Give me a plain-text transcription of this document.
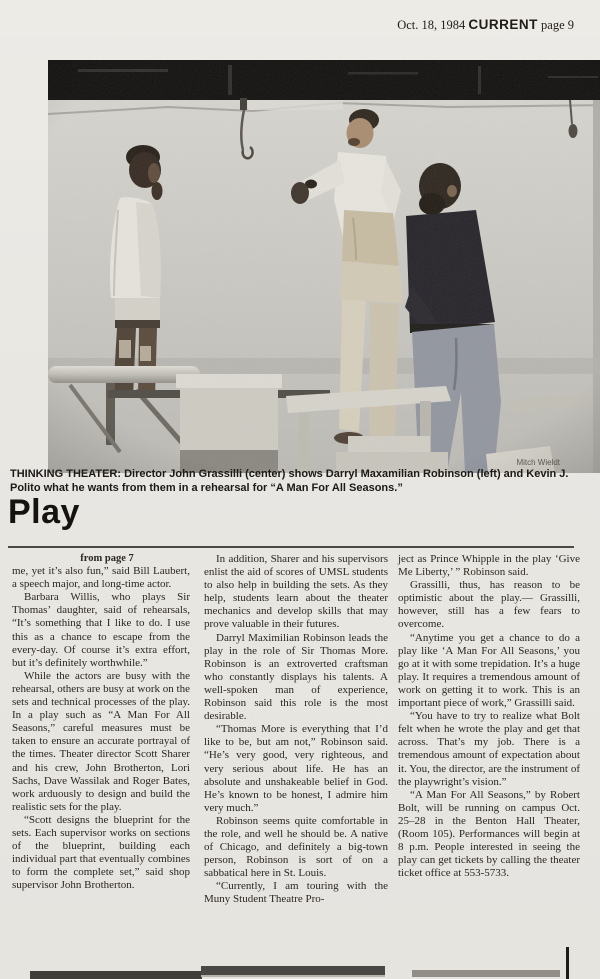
Oct. 18, 1984 CURRENT page 9
Mitch Wieldt

THINKING THEATER: Director John Grassilli (center) shows Darryl Maxamilian Robinson (left) and Kevin J. Polito what he wants from them in a rehearsal for “A Man For All Seasons.”

Play

from page 7

me, yet it’s also fun,” said Bill Laubert, a speech major, and long-time actor.

Barbara Willis, who plays Sir Thomas’ daughter, said of rehearsals, “It’s something that I like to do. I use this as a chance to escape from the every-day. Of course it’s extra effort, but it’s definitely worthwhile.”

While the actors are busy with the rehearsal, others are busy at work on the sets and technical processes of the play. In a play such as “A Man For All Seasons,” careful measures must be taken to ensure an accurate portrayal of the times. Theater director Scott Sharer and his crew, John Brotherton, Lori Sachs, Dave Wassilak and Roger Bates, work arduously to design and build the realistic sets for the play.

“Scott designs the blueprint for the sets. Each supervisor works on sections of the blueprint, building each individual part that eventually combines to form the complete set,” said shop supervisor John Brotherton.

In addition, Sharer and his supervisors enlist the aid of scores of UMSL students to also help in building the sets. As they help, students learn about the theater mechanics and develop skills that may prove valuable in their futures.

Darryl Maximilian Robinson leads the play in the role of Sir Thomas More. Robinson is an extroverted craftsman who constantly displays his talents. A well-spoken man of experience, Robinson said this role is the most desirable.

“Thomas More is everything that I’d like to be, but am not,” Robinson said. “He’s very good, very righteous, and very serious about life. He has an absolute and unshakeable belief in God. He’s known to be honest, I admire him very much.”

Robinson seems quite comfortable in the role, and well he should be. A native of Chicago, and definitely a big-town person, Robinson is sort of on a sabbatical here in St. Louis.

“Currently, I am touring with the Muny Student Theatre Pro-

ject as Prince Whipple in the play ‘Give Me Liberty,’ ” Robinson said.

Grassilli, thus, has reason to be optimistic about the play.— Grassilli, however, still has a few fears to overcome.

“Anytime you get a chance to do a play like ‘A Man For All Seasons,’ you go at it with some trepidation. It’s a huge play. It requires a tremendous amount of work on getting it to work. This is an important piece of work,” Grassilli said.

“You have to try to realize what Bolt felt when he wrote the play and get that across. That’s my job. There is a tremendous amount of expectation about it. You, the director, are the instrument of the playwright’s vision.”

“A Man For All Seasons,” by Robert Bolt, will be running on campus Oct. 25–28 in the Benton Hall Theater, (Room 105). Performances will begin at 8 p.m. People interested in seeing the play can get tickets by calling the theater ticket office at 553-5733.
